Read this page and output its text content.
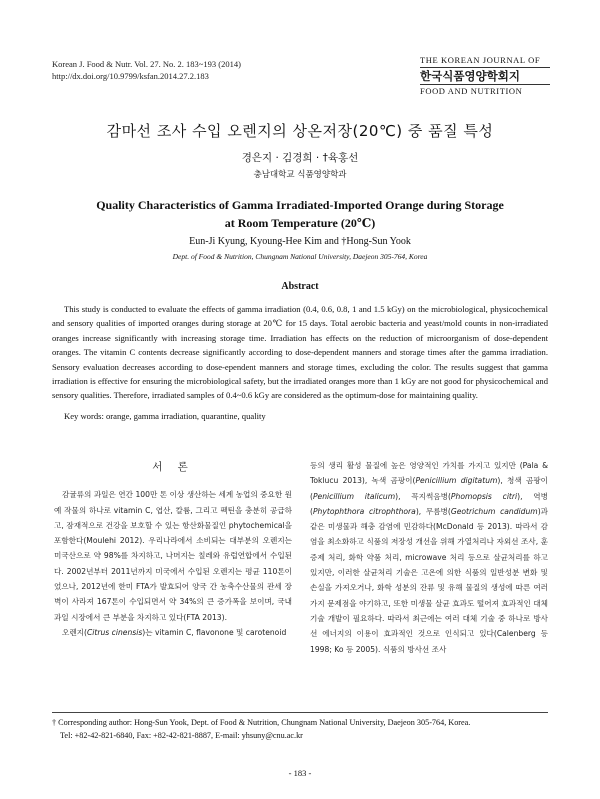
Korean J. Food & Nutr. Vol. 27. No. 2. 183~193 (2014)
http://dx.doi.org/10.9799/ksfan.2014.27.2.183
THE KOREAN JOURNAL OF
한국식품영양학회지
FOOD AND NUTRITION
감마선 조사 수입 오렌지의 상온저장(20℃) 중 품질 특성
경은지 · 김경희 · †육홍선
충남대학교 식품영양학과
Quality Characteristics of Gamma Irradiated-Imported Orange during Storage at Room Temperature (20℃)
Eun-Ji Kyung, Kyoung-Hee Kim and †Hong-Sun Yook
Dept. of Food & Nutrition, Chungnam National University, Daejeon 305-764, Korea
Abstract
This study is conducted to evaluate the effects of gamma irradiation (0.4, 0.6, 0.8, 1 and 1.5 kGy) on the microbiological, physicochemical and sensory qualities of imported oranges during storage at 20℃ for 15 days. Total aerobic bacteria and yeast/mold counts in non-irradiated oranges increase significantly with increasing storage time. Irradiation has effects on the reduction of microorganism of dose-dependent oranges. The vitamin C contents decrease significantly according to dose-dependent manners and storage times after the gamma irradiation. Sensory evaluation decreases according to dose-ependent manners and storage times, excluding the color. The results suggest that gamma irradiation is effective for ensuring the microbiological safety, but the irradiated oranges more than 1 kGy are not good for physicochemical and sensory qualities. Therefore, irradiated samples of 0.4~0.6 kGy are considered as the optimum-dose for maintaining quality.
Key words: orange, gamma irradiation, quarantine, quality

서 론

감귤류의 과일은 연간 100만 톤 이상 생산하는 세계 농업의 중요한 원예 작물의 하나로 vitamin C, 엽산, 칼륨, 그리고 펙틴을 충분히 공급하고, 잠재적으로 건강을 보호할 수 있는 항산화물질인 phytochemical을 포함한다(Moulehi 2012). 우리나라에서 소비되는 대부분의 오렌지는 미국산으로 약 98%를 차지하고, 나머지는 칠레와 유럽연합에서 수입된다. 2002년부터 2011년까지 미국에서 수입된 오렌지는 평균 110톤이었으나, 2012년에 한미 FTA가 발효되어 양국 간 농축수산물의 관세 장벽이 사라져 167톤이 수입되면서 약 34%의 큰 증가폭을 보이며, 국내 과일 시장에서 큰 부분을 차지하고 있다(FTA 2013).

오렌지(Citrus cinensis)는 vitamin C, flavonone 및 carotenoid

등의 생리 활성 물질에 높은 영양적인 가치를 가지고 있지만 (Pala & Toklucu 2013), 녹색 곰팡이(Penicillium digitatum), 청색 곰팡이(Penicillium italicum), 꼭지썩음병(Phomopsis citri), 역병(Phytophthora citrophthora), 무름병(Geotrichum candidum)과 같은 미생물과 해충 감염에 민감하다(McDonald 등 2013). 따라서 감염을 최소화하고 식품의 저장성 개선을 위해 가열처리나 자외선 조사, 훈증제 처리, 화학 약품 처리, microwave 처리 등으로 살균처리를 하고 있지만, 이러한 살균처리 기술은 고온에 의한 식품의 일반성분 변화 및 손실을 가져오거나, 화학 성분의 잔류 및 유해 물질의 생성에 따른 여러 가지 문제점을 야기하고, 또한 미생물 살균 효과도 떨어져 효과적인 대체 기술 개발이 필요하다. 따라서 최근에는 여러 대체 기술 중 하나로 방사선 에너지의 이용이 효과적인 것으로 인식되고 있다(Calenberg 등 1998; Ko 등 2005). 식품의 방사선 조사

† Corresponding author: Hong-Sun Yook, Dept. of Food & Nutrition, Chungnam National University, Daejeon 305-764, Korea.
Tel: +82-42-821-6840, Fax: +82-42-821-8887, E-mail: yhsuny@cnu.ac.kr
- 183 -
